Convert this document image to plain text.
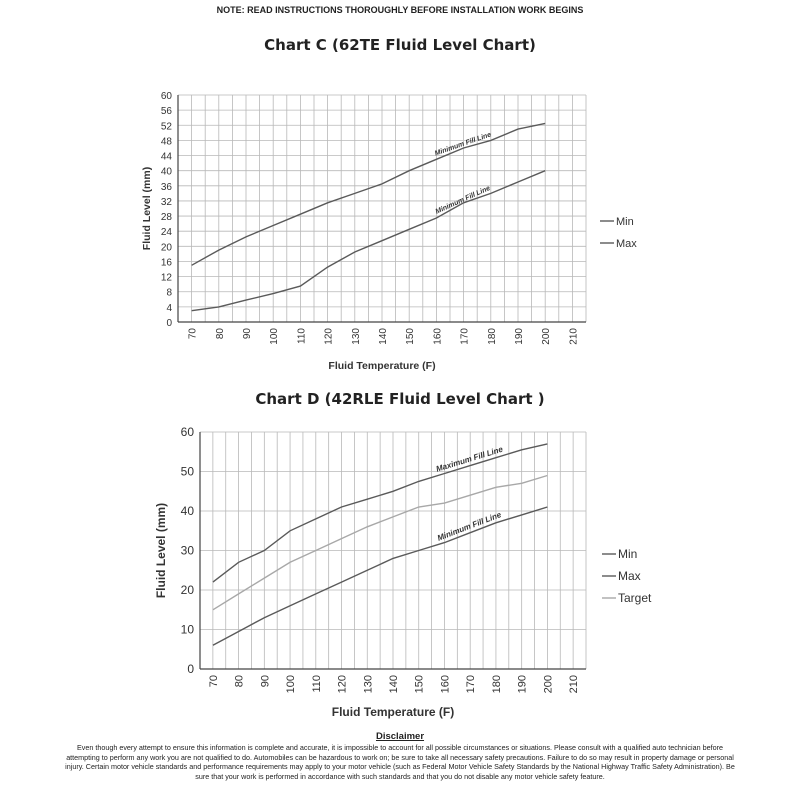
NOTE: READ INSTRUCTIONS THOROUGHLY BEFORE INSTALLATION WORK BEGINS
Chart C (62TE Fluid Level Chart)
0
4
8
12
16
20
24
28
32
36
40
44
48
52
56
60
70 80 90 100 110 120 130 140 150 160 170 180 190 200 210
Fluid Temperature (F)
Fluid Level (mm)	Minimum Fill Line
Min
Minimum Fill Line
Max
Chart D (42RLE Fluid Level Chart )
0
10
20
30
40
50
60
70 80 90 100 110 120 130 140 150 160 170 180 190 200 210
Fluid Temperature (F)
Fluid Level (mm)	Minimum Fill Line
Min
Maximum Fill Line
Max
Target
Disclaimer
Even though every attempt to ensure this information is complete and accurate, it is impossible to account for all possible circumstances or situations. Please consult with a qualified auto technician before attempting to perform any work you are not qualified to do. Automobiles can be hazardous to work on; be sure to take all necessary safety precautions. Failure to do so may result in property damage or personal injury. Certain motor vehicle standards and performance requirements may apply to your motor vehicle (such as Federal Motor Vehicle Safety Standards by the National Highway Traffic Safety Administration). Be sure that your work is performed in accordance with such standards and that you do not disable any motor vehicle safety feature.
